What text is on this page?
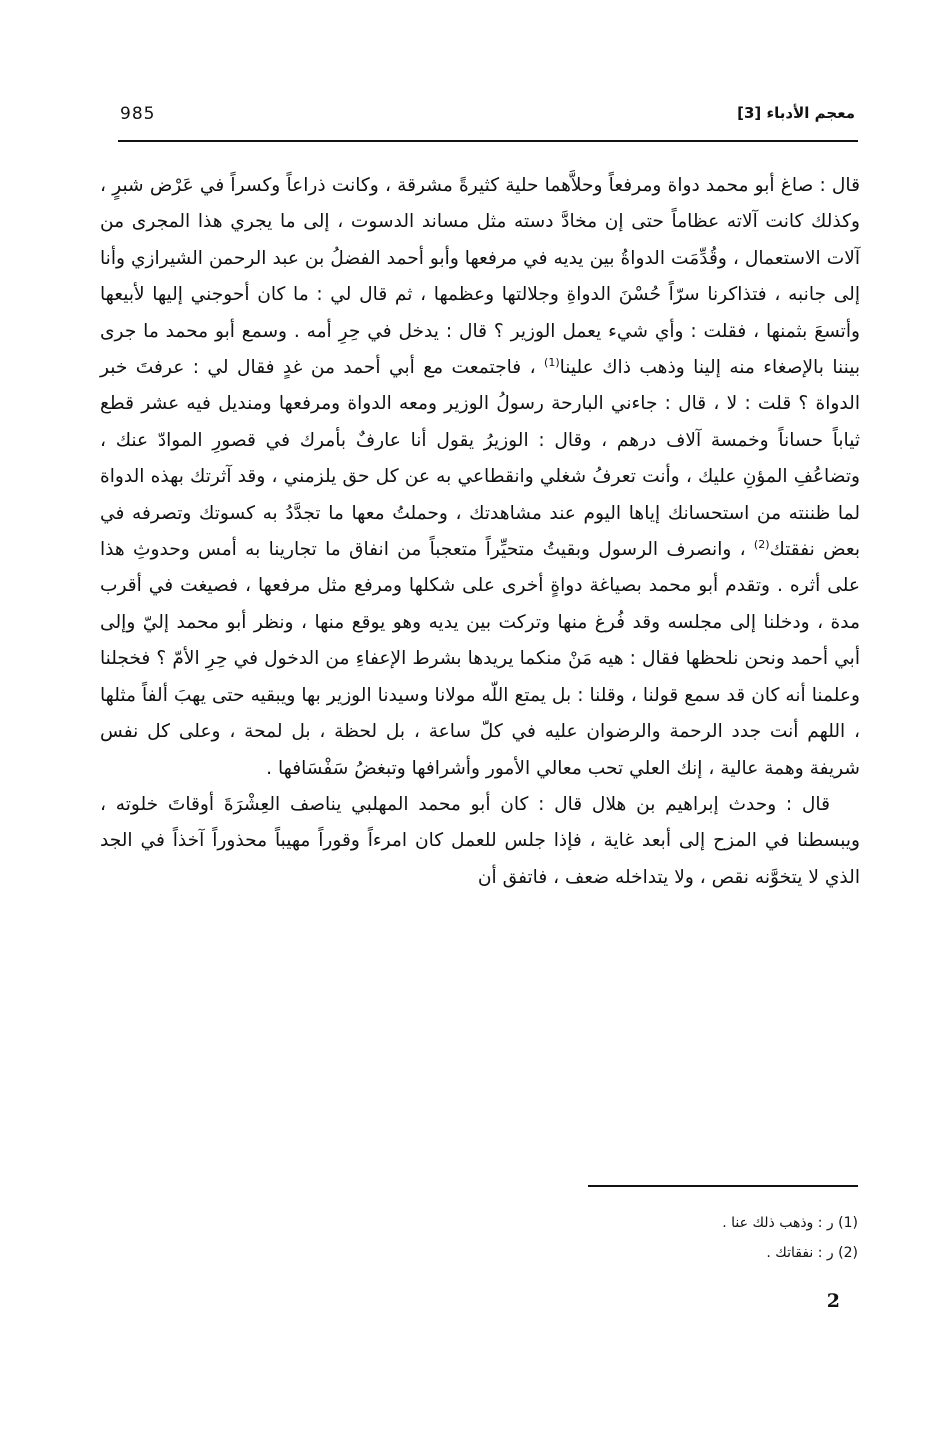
985	معجم الأدباء [3]

قال : صاغ أبو محمد دواة ومرفعاً وحلاَّهما حلية كثيرةً مشرقة ، وكانت ذراعاً وكسراً في عَرْض شبرٍ ، وكذلك كانت آلاته عظاماً حتى إن مخادَّ دسته مثل مساند الدسوت ، إلى ما يجري هذا المجرى من آلات الاستعمال ، وقُدِّمَت الدواةُ بين يديه في مرفعها وأبو أحمد الفضلُ بن عبد الرحمن الشيرازي وأنا إلى جانبه ، فتذاكرنا سرّاً حُسْنَ الدواةِ وجلالتها وعظمها ، ثم قال لي : ما كان أحوجني إليها لأبيعها وأتسعَ بثمنها ، فقلت : وأي شيء يعمل الوزير ؟ قال : يدخل في حِرِ أمه . وسمع أبو محمد ما جرى بيننا بالإصغاء منه إلينا وذهب ذاك علينا$^{(1)}$ ، فاجتمعت مع أبي أحمد من غدٍ فقال لي : عرفتَ خبر الدواة ؟ قلت : لا ، قال : جاءني البارحة رسولُ الوزير ومعه الدواة ومرفعها ومنديل فيه عشر قطع ثياباً حساناً وخمسة آلاف درهم ، وقال : الوزيرُ يقول أنا عارفٌ بأمرك في قصورِ الموادّ عنك ، وتضاعُفِ المؤنِ عليك ، وأنت تعرفُ شغلي وانقطاعي به عن كل حق يلزمني ، وقد آثرتك بهذه الدواة لما ظننته من استحسانك إياها اليوم عند مشاهدتك ، وحملتُ معها ما تجدَّدُ به كسوتك وتصرفه في بعض نفقتك$^{(2)}$ ، وانصرف الرسول وبقيتُ متحيِّراً متعجباً من انفاق ما تجارينا به أمس وحدوثِ هذا على أثره . وتقدم أبو محمد بصياغة دواةٍ أخرى على شكلها ومرفع مثل مرفعها ، فصيغت في أقرب مدة ، ودخلنا إلى مجلسه وقد فُرغ منها وتركت بين يديه وهو يوقع منها ، ونظر أبو محمد إليّ وإلى أبي أحمد ونحن نلحظها فقال : هيه مَنْ منكما يريدها بشرط الإعفاءِ من الدخول في حِرِ الأمّ ؟ فخجلنا وعلمنا أنه كان قد سمع قولنا ، وقلنا : بل يمتع اللّه مولانا وسيدنا الوزير بها ويبقيه حتى يهبَ ألفاً مثلها ، اللهم أنت جدد الرحمة والرضوان عليه في كلّ ساعة ، بل لحظة ، بل لمحة ، وعلى كل نفس شريفة وهمة عالية ، إنك العلي تحب معالي الأمور وأشرافها وتبغضُ سَفْسَافها .

قال : وحدث إبراهيم بن هلال قال : كان أبو محمد المهلبي يناصف العِشْرَةَ أوقاتَ خلوته ، ويبسطنا في المزح إلى أبعد غاية ، فإذا جلس للعمل كان امرءاً وقوراً مهيباً محذوراً آخذاً في الجد الذي لا يتخوَّنه نقص ، ولا يتداخله ضعف ، فاتفق أن

(1) ر : وذهب ذلك عنا .
(2) ر : نفقاتك .
2
